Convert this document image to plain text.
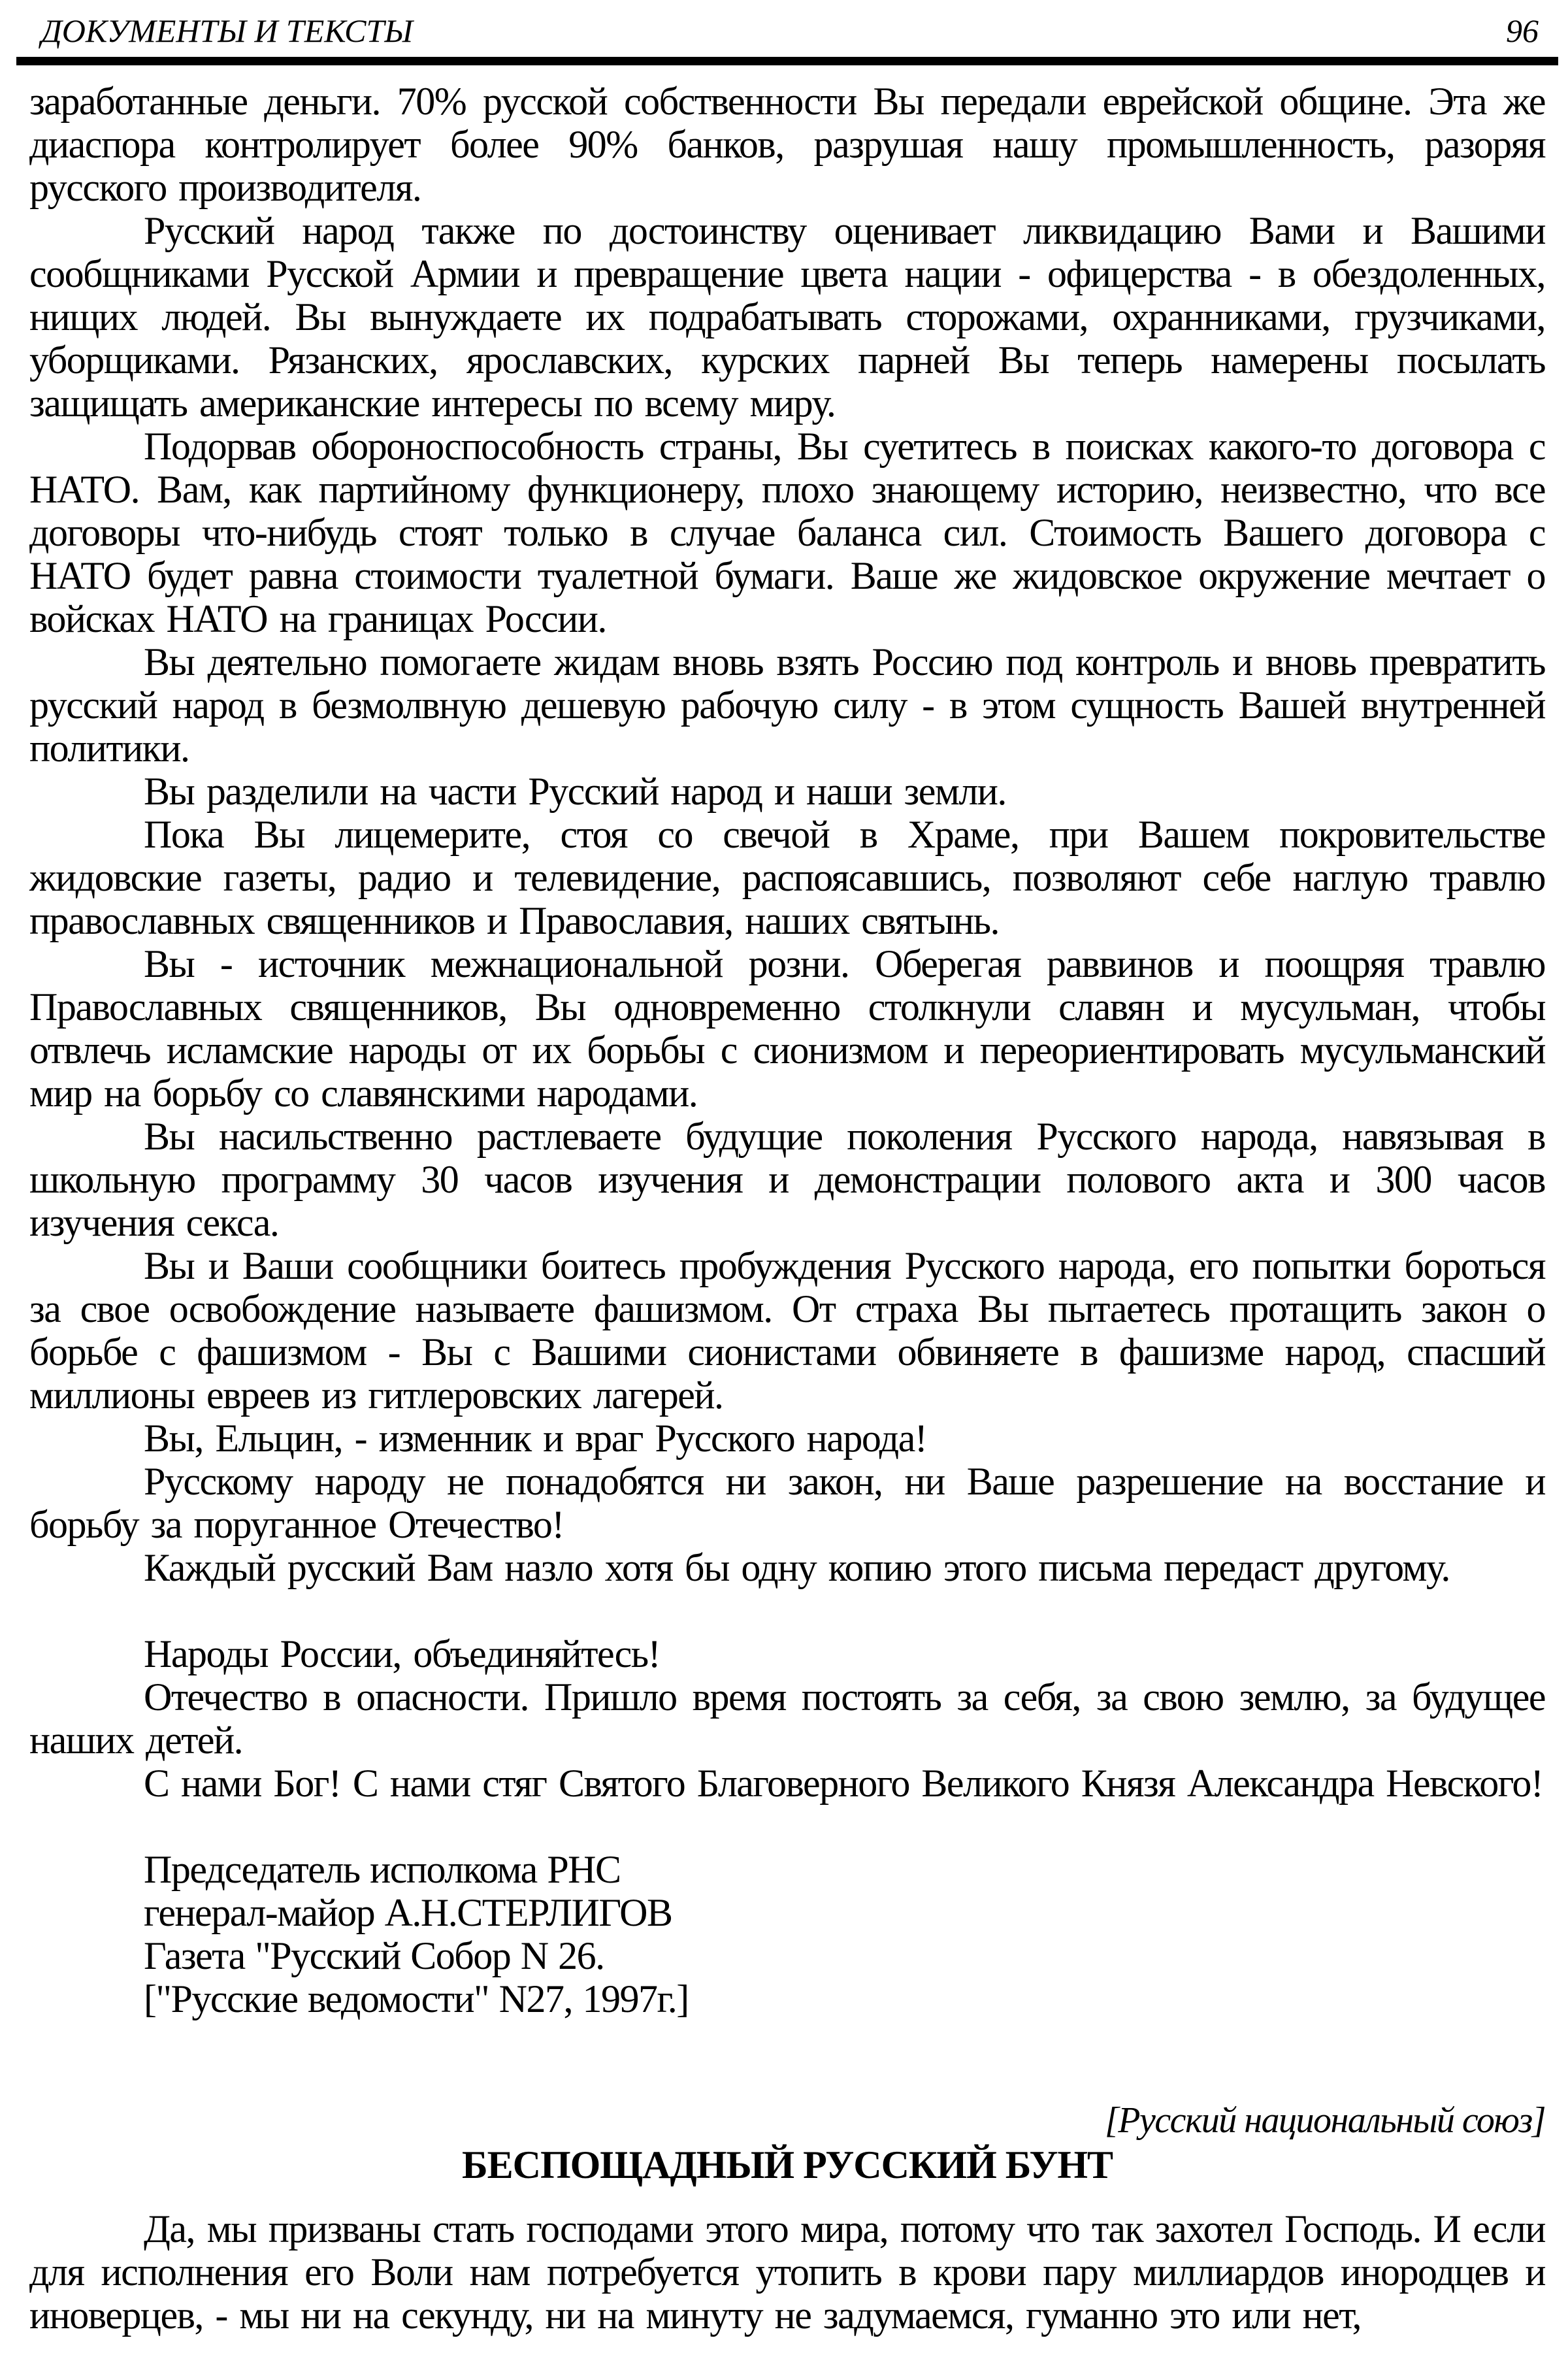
ДОКУМЕНТЫ И ТЕКСТЫ	96

заработанные деньги. 70% русской собственности Вы передали еврейской общине. Эта же диаспора контролирует более 90% банков, разрушая нашу промышленность, разоряя русского производителя.

Русский народ также по достоинству оценивает ликвидацию Вами и Вашими сообщниками Русской Армии и превращение цвета нации - офицерства - в обездоленных, нищих людей. Вы вынуждаете их подрабатывать сторожами, охранниками, грузчиками, уборщиками. Рязанских, ярославских, курских парней Вы теперь намерены посылать защищать американские интересы по всему миру.

Подорвав обороноспособность страны, Вы суетитесь в поисках какого-то договора с НАТО. Вам, как партийному функционеру, плохо знающему историю, неизвестно, что все договоры что-нибудь стоят только в случае баланса сил. Стоимость Вашего договора с НАТО будет равна стоимости туалетной бумаги. Ваше же жидовское окружение мечтает о войсках НАТО на границах России.

Вы деятельно помогаете жидам вновь взять Россию под контроль и вновь превратить русский народ в безмолвную дешевую рабочую силу - в этом сущность Вашей внутренней политики.

Вы разделили на части Русский народ и наши земли.

Пока Вы лицемерите, стоя со свечой в Храме, при Вашем покровительстве жидовские газеты, радио и телевидение, распоясавшись, позволяют себе наглую травлю православных священников и Православия, наших святынь.

Вы - источник межнациональной розни. Оберегая раввинов и поощряя травлю Православных священников, Вы одновременно столкнули славян и мусульман, чтобы отвлечь исламские народы от их борьбы с сионизмом и переориентировать мусульманский мир на борьбу со славянскими народами.

Вы насильственно растлеваете будущие поколения Русского народа, навязывая в школьную программу 30 часов изучения и демонстрации полового акта и 300 часов изучения секса.

Вы и Ваши сообщники боитесь пробуждения Русского народа, его попытки бороться за свое освобождение называете фашизмом. От страха Вы пытаетесь протащить закон о борьбе с фашизмом - Вы с Вашими сионистами обвиняете в фашизме народ, спасший миллионы евреев из гитлеровских лагерей.

Вы, Ельцин, - изменник и враг Русского народа!

Русскому народу не понадобятся ни закон, ни Ваше разрешение на восстание и борьбу за поруганное Отечество!

Каждый русский Вам назло хотя бы одну копию этого письма передаст другому.

Народы России, объединяйтесь!

Отечество в опасности. Пришло время постоять за себя, за свою землю, за будущее наших детей.

С нами Бог! С нами стяг Святого Благоверного Великого Князя Александра Невского!

Председатель исполкома РНС

генерал-майор А.Н.СТЕРЛИГОВ

Газета "Русский Собор N 26.

["Русские ведомости" N27, 1997г.]

[Русский национальный союз]

БЕСПОЩАДНЫЙ РУССКИЙ БУНТ

Да, мы призваны стать господами этого мира, потому что так захотел Господь. И если для исполнения его Воли нам потребуется утопить в крови пару миллиардов инородцев и иноверцев, - мы ни на секунду, ни на минуту не задумаемся, гуманно это или нет,
